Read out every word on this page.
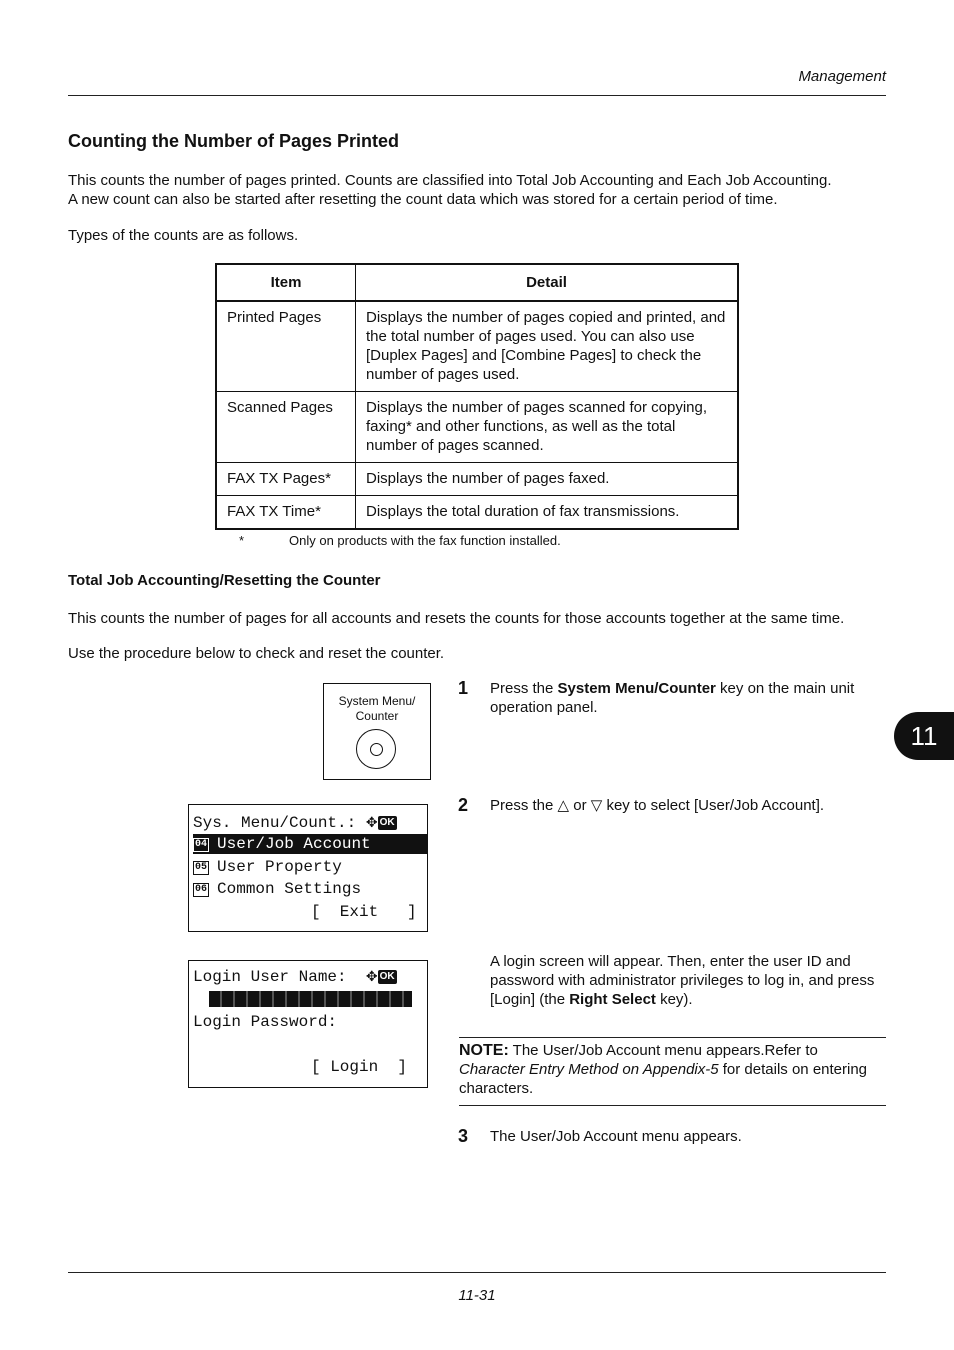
Management
Counting the Number of Pages Printed
This counts the number of pages printed. Counts are classified into Total Job Accounting and Each Job Accounting.
A new count can also be started after resetting the count data which was stored for a certain period of time.
Types of the counts are as follows.
Item	Detail
Printed Pages	Displays the number of pages copied and printed, and the total number of pages used. You can also use [Duplex Pages] and [Combine Pages] to check the number of pages used.
Scanned Pages	Displays the number of pages scanned for copying, faxing* and other functions, as well as the total number of pages scanned.
FAX TX Pages*	Displays the number of pages faxed.
FAX TX Time*	Displays the total duration of fax transmissions.
*	Only on products with the fax function installed.
Total Job Accounting/Resetting the Counter
This counts the number of pages for all accounts and resets the counts for those accounts together at the same time.
Use the procedure below to check and reset the counter.
System Menu/
Counter
1 Press the System Menu/Counter key on the main unit operation panel.
Sys. Menu/Count.: ✥ OK
04 User/Job Account
05 User Property
06 Common Settings
[  Exit   ]
2 Press the △ or ▽ key to select [User/Job Account].
Login User Name: ✥ OK
Login Password:
[ Login  ]
A login screen will appear. Then, enter the user ID and password with administrator privileges to log in, and press [Login] (the Right Select key).
NOTE: The User/Job Account menu appears.Refer to Character Entry Method on Appendix-5 for details on entering characters.
3 The User/Job Account menu appears.
11
11-31
